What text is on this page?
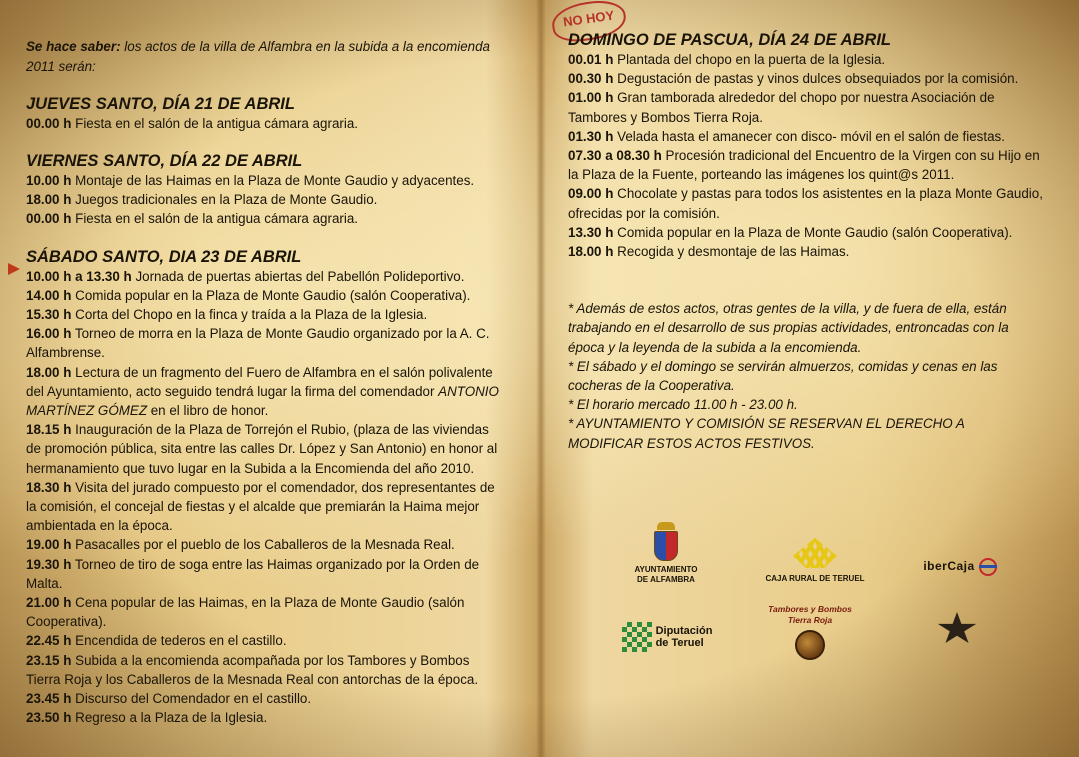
NO HOY

Se hace saber: los actos de la villa de Alfambra en la subida a la encomienda 2011 serán:

JUEVES SANTO, DÍA 21 DE ABRIL

00.00 h Fiesta en el salón de la antigua cámara agraria.

VIERNES SANTO, DÍA 22 DE ABRIL

10.00 h Montaje de las Haimas en la Plaza de Monte Gaudio y adyacentes.

18.00 h Juegos tradicionales en la Plaza de Monte Gaudio.

00.00 h Fiesta en el salón de la antigua cámara agraria.

SÁBADO SANTO, DIA 23 DE ABRIL

10.00 h a 13.30 h Jornada de puertas abiertas del Pabellón Polideportivo.

14.00 h Comida popular en la Plaza de Monte Gaudio (salón Cooperativa).

15.30 h Corta del Chopo en la finca y traída a la Plaza de la Iglesia.

16.00 h Torneo de morra en la Plaza de Monte Gaudio organizado por la A. C. Alfambrense.

18.00 h Lectura de un fragmento del Fuero de Alfambra en el salón polivalente del Ayuntamiento, acto seguido tendrá lugar la firma del comendador ANTONIO MARTÍNEZ GÓMEZ en el libro de honor.

18.15 h Inauguración de la Plaza de Torrejón el Rubio, (plaza de las viviendas de promoción pública, sita entre las calles Dr. López y San Antonio) en honor al hermanamiento que tuvo lugar en la Subida a la Encomienda del año 2010.

18.30 h Visita del jurado compuesto por el comendador, dos representantes de la comisión, el concejal de fiestas y el alcalde que premiarán la Haima mejor ambientada en la época.

19.00 h Pasacalles por el pueblo de los Caballeros de la Mesnada Real.

19.30 h Torneo de tiro de soga entre las Haimas organizado por la Orden de Malta.

21.00 h Cena popular de las Haimas, en la Plaza de Monte Gaudio (salón Cooperativa).

22.45 h Encendida de tederos en el castillo.

23.15 h Subida a la encomienda acompañada por los Tambores y Bombos Tierra Roja y los Caballeros de la Mesnada Real con antorchas de la época.

23.45 h Discurso del Comendador en el castillo.

23.50 h Regreso a la Plaza de la Iglesia.

DOMINGO DE PASCUA, DÍA 24 DE ABRIL

00.01 h Plantada del chopo en la puerta de la Iglesia.

00.30 h Degustación de pastas y vinos dulces obsequiados por la comisión.

01.00 h Gran tamborada alrededor del chopo por nuestra Asociación de Tambores y Bombos Tierra Roja.

01.30 h Velada hasta el amanecer con disco- móvil en el salón de fiestas.

07.30 a 08.30 h Procesión tradicional del Encuentro de la Virgen con su Hijo en la Plaza de la Fuente, porteando las imágenes los quint@s 2011.

09.00 h Chocolate y pastas para todos los asistentes en la plaza Monte Gaudio, ofrecidas por la comisión.

13.30 h Comida popular en la Plaza de Monte Gaudio (salón Cooperativa).

18.00 h Recogida y desmontaje de las Haimas.

* Además de estos actos, otras gentes de la villa, y de fuera de ella, están trabajando en el desarrollo de sus propias actividades, entroncadas con la época y la leyenda de la subida a la encomienda.

* El sábado y el domingo se servirán almuerzos, comidas y cenas en las cocheras de la Cooperativa.

* El horario mercado 11.00 h - 23.00 h.

* AYUNTAMIENTO Y COMISIÓN SE RESERVAN EL DERECHO A MODIFICAR ESTOS ACTOS FESTIVOS.

AYUNTAMIENTO
DE ALFAMBRA	CAJA RURAL DE TERUEL
iberCaja
Diputación
de Teruel
Tambores y Bombos
Tierra Roja
